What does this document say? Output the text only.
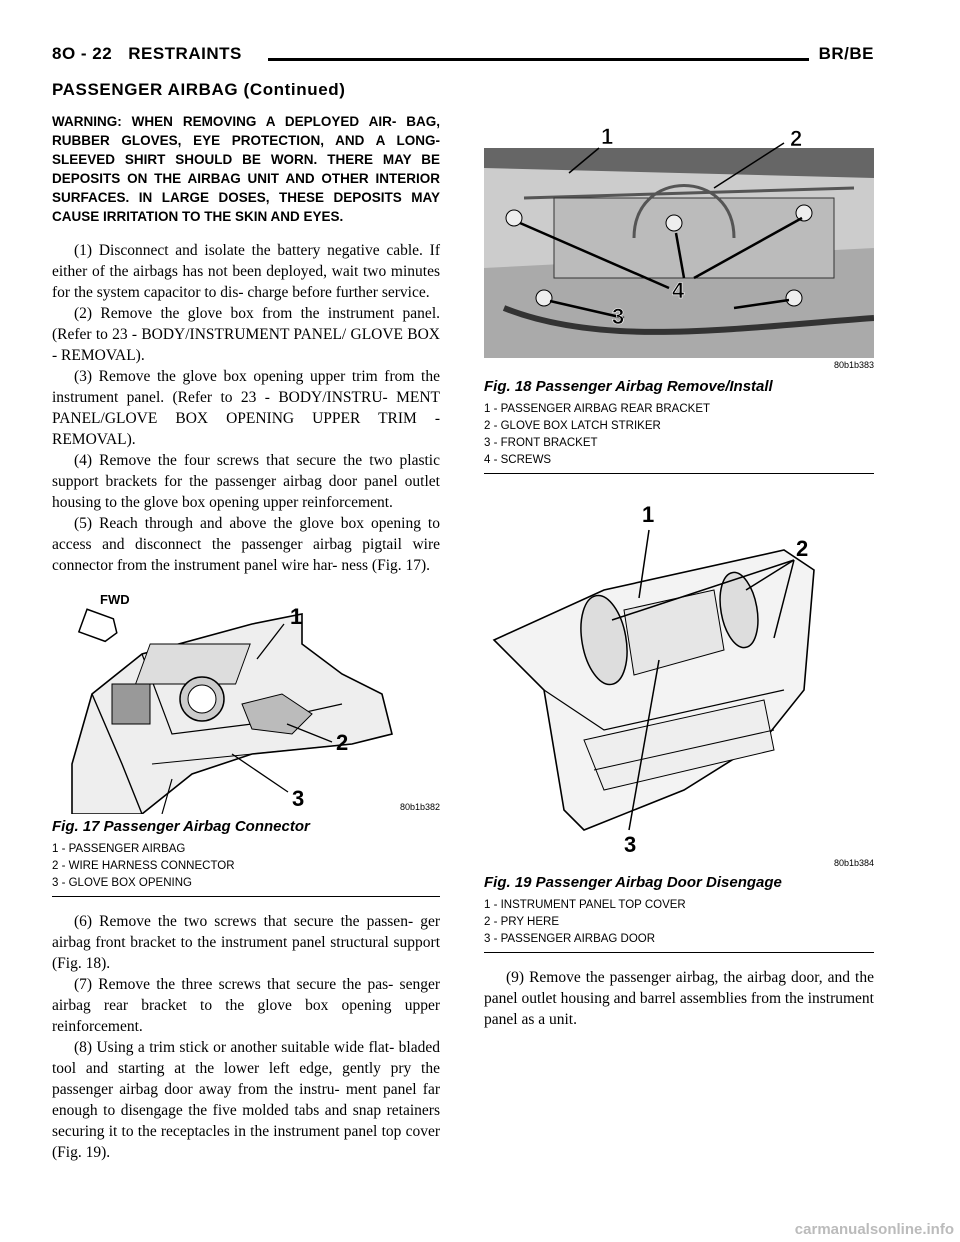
8O - 22 RESTRAINTS	BR/BE
PASSENGER AIRBAG (Continued)

WARNING: WHEN REMOVING A DEPLOYED AIR- BAG, RUBBER GLOVES, EYE PROTECTION, AND A LONG-SLEEVED SHIRT SHOULD BE WORN. THERE MAY BE DEPOSITS ON THE AIRBAG UNIT AND OTHER INTERIOR SURFACES. IN LARGE DOSES, THESE DEPOSITS MAY CAUSE IRRITATION TO THE SKIN AND EYES.

(1) Disconnect and isolate the battery negative cable. If either of the airbags has not been deployed, wait two minutes for the system capacitor to dis- charge before further service.

(2) Remove the glove box from the instrument panel. (Refer to 23 - BODY/INSTRUMENT PANEL/ GLOVE BOX - REMOVAL).

(3) Remove the glove box opening upper trim from the instrument panel. (Refer to 23 - BODY/INSTRU- MENT PANEL/GLOVE BOX OPENING UPPER TRIM - REMOVAL).

(4) Remove the four screws that secure the two plastic support brackets for the passenger airbag door panel outlet housing to the glove box opening upper reinforcement.

(5) Reach through and above the glove box opening to access and disconnect the passenger airbag pigtail wire connector from the instrument panel wire har- ness (Fig. 17).

FWD
1
2
3	80b1b382
Fig. 17 Passenger Airbag Connector
1 - PASSENGER AIRBAG
2 - WIRE HARNESS CONNECTOR
3 - GLOVE BOX OPENING

(6) Remove the two screws that secure the passen- ger airbag front bracket to the instrument panel structural support (Fig. 18).

(7) Remove the three screws that secure the pas- senger airbag rear bracket to the glove box opening upper reinforcement.

(8) Using a trim stick or another suitable wide flat- bladed tool and starting at the lower left edge, gently pry the passenger airbag door away from the instru- ment panel far enough to disengage the five molded tabs and snap retainers securing it to the receptacles in the instrument panel top cover (Fig. 19).

1	2
3
4
80b1b383
Fig. 18 Passenger Airbag Remove/Install
1 - PASSENGER AIRBAG REAR BRACKET
2 - GLOVE BOX LATCH STRIKER
3 - FRONT BRACKET
4 - SCREWS
1
2
3
80b1b384
Fig. 19 Passenger Airbag Door Disengage
1 - INSTRUMENT PANEL TOP COVER
2 - PRY HERE
3 - PASSENGER AIRBAG DOOR

(9) Remove the passenger airbag, the airbag door, and the panel outlet housing and barrel assemblies from the instrument panel as a unit.

carmanualsonline.info
